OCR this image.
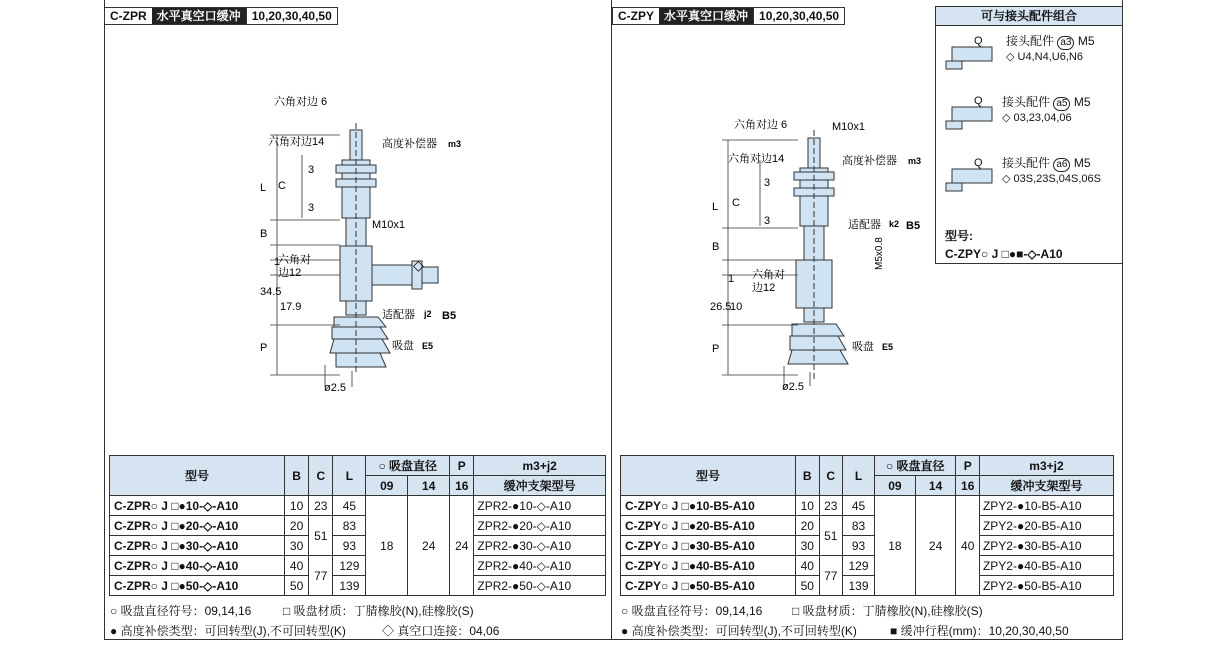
C-ZPR 水平真空口缓冲 10,20,30,40,50	C-ZPY 水平真空口缓冲 10,20,30,40,50
六角对边 6
六角对边14	高度补偿器 m3
L C
3
3
M10x1
B
六角对
边12
1
34.5
17.9
◇
适配器 j2 B5
P	吸盘 E5
ø2.5
六角对边 6	M10x1
六角对边14	高度补偿器 m3
L C
3
3	适配器 k2 B5
B	M5x0.8
1 六角对
边12
26.5
10
P	吸盘 E5
ø2.5
可与接头配件组合
Q 接头配件 a3 M5
◇ U4,N4,U6,N6
Q 接头配件 a5 M5
◇ 03,23,04,06
Q 接头配件 a6 M5
◇ 03S,23S,04S,06S
型号:
C-ZPY○ J □●■-◇-A10
型号	B	C	L	○ 吸盘直径		P	m3+j2
				09	14	16	缓冲支架型号
C-ZPR○ J □●10-◇-A10	10	23	45	18	24	24	ZPR2-●10-◇-A10
C-ZPR○ J □●20-◇-A10	20	51	83				ZPR2-●20-◇-A10
C-ZPR○ J □●30-◇-A10	30		93				ZPR2-●30-◇-A10
C-ZPR○ J □●40-◇-A10	40	77	129				ZPR2-●40-◇-A10
C-ZPR○ J □●50-◇-A10	50		139				ZPR2-●50-◇-A10
型号	B	C	L	○ 吸盘直径		P	m3+j2
				09	14	16	缓冲支架型号
C-ZPY○ J □●10-B5-A10	10	23	45	18	24	40	ZPY2-●10-B5-A10
C-ZPY○ J □●20-B5-A10	20	51	83				ZPY2-●20-B5-A10
C-ZPY○ J □●30-B5-A10	30		93				ZPY2-●30-B5-A10
C-ZPY○ J □●40-B5-A10	40	77	129				ZPY2-●40-B5-A10
C-ZPY○ J □●50-B5-A10	50		139				ZPY2-●50-B5-A10
○ 吸盘直径符号：09,14,16	□ 吸盘材质：丁腈橡胶(N),硅橡胶(S)
● 高度补偿类型：可回转型(J),不可回转型(K)	◇ 真空口连接：04,06
○ 吸盘直径符号：09,14,16 □ 吸盘材质：丁腈橡胶(N),硅橡胶(S)
● 高度补偿类型：可回转型(J),不可回转型(K)	■ 缓冲行程(mm)：10,20,30,40,50
